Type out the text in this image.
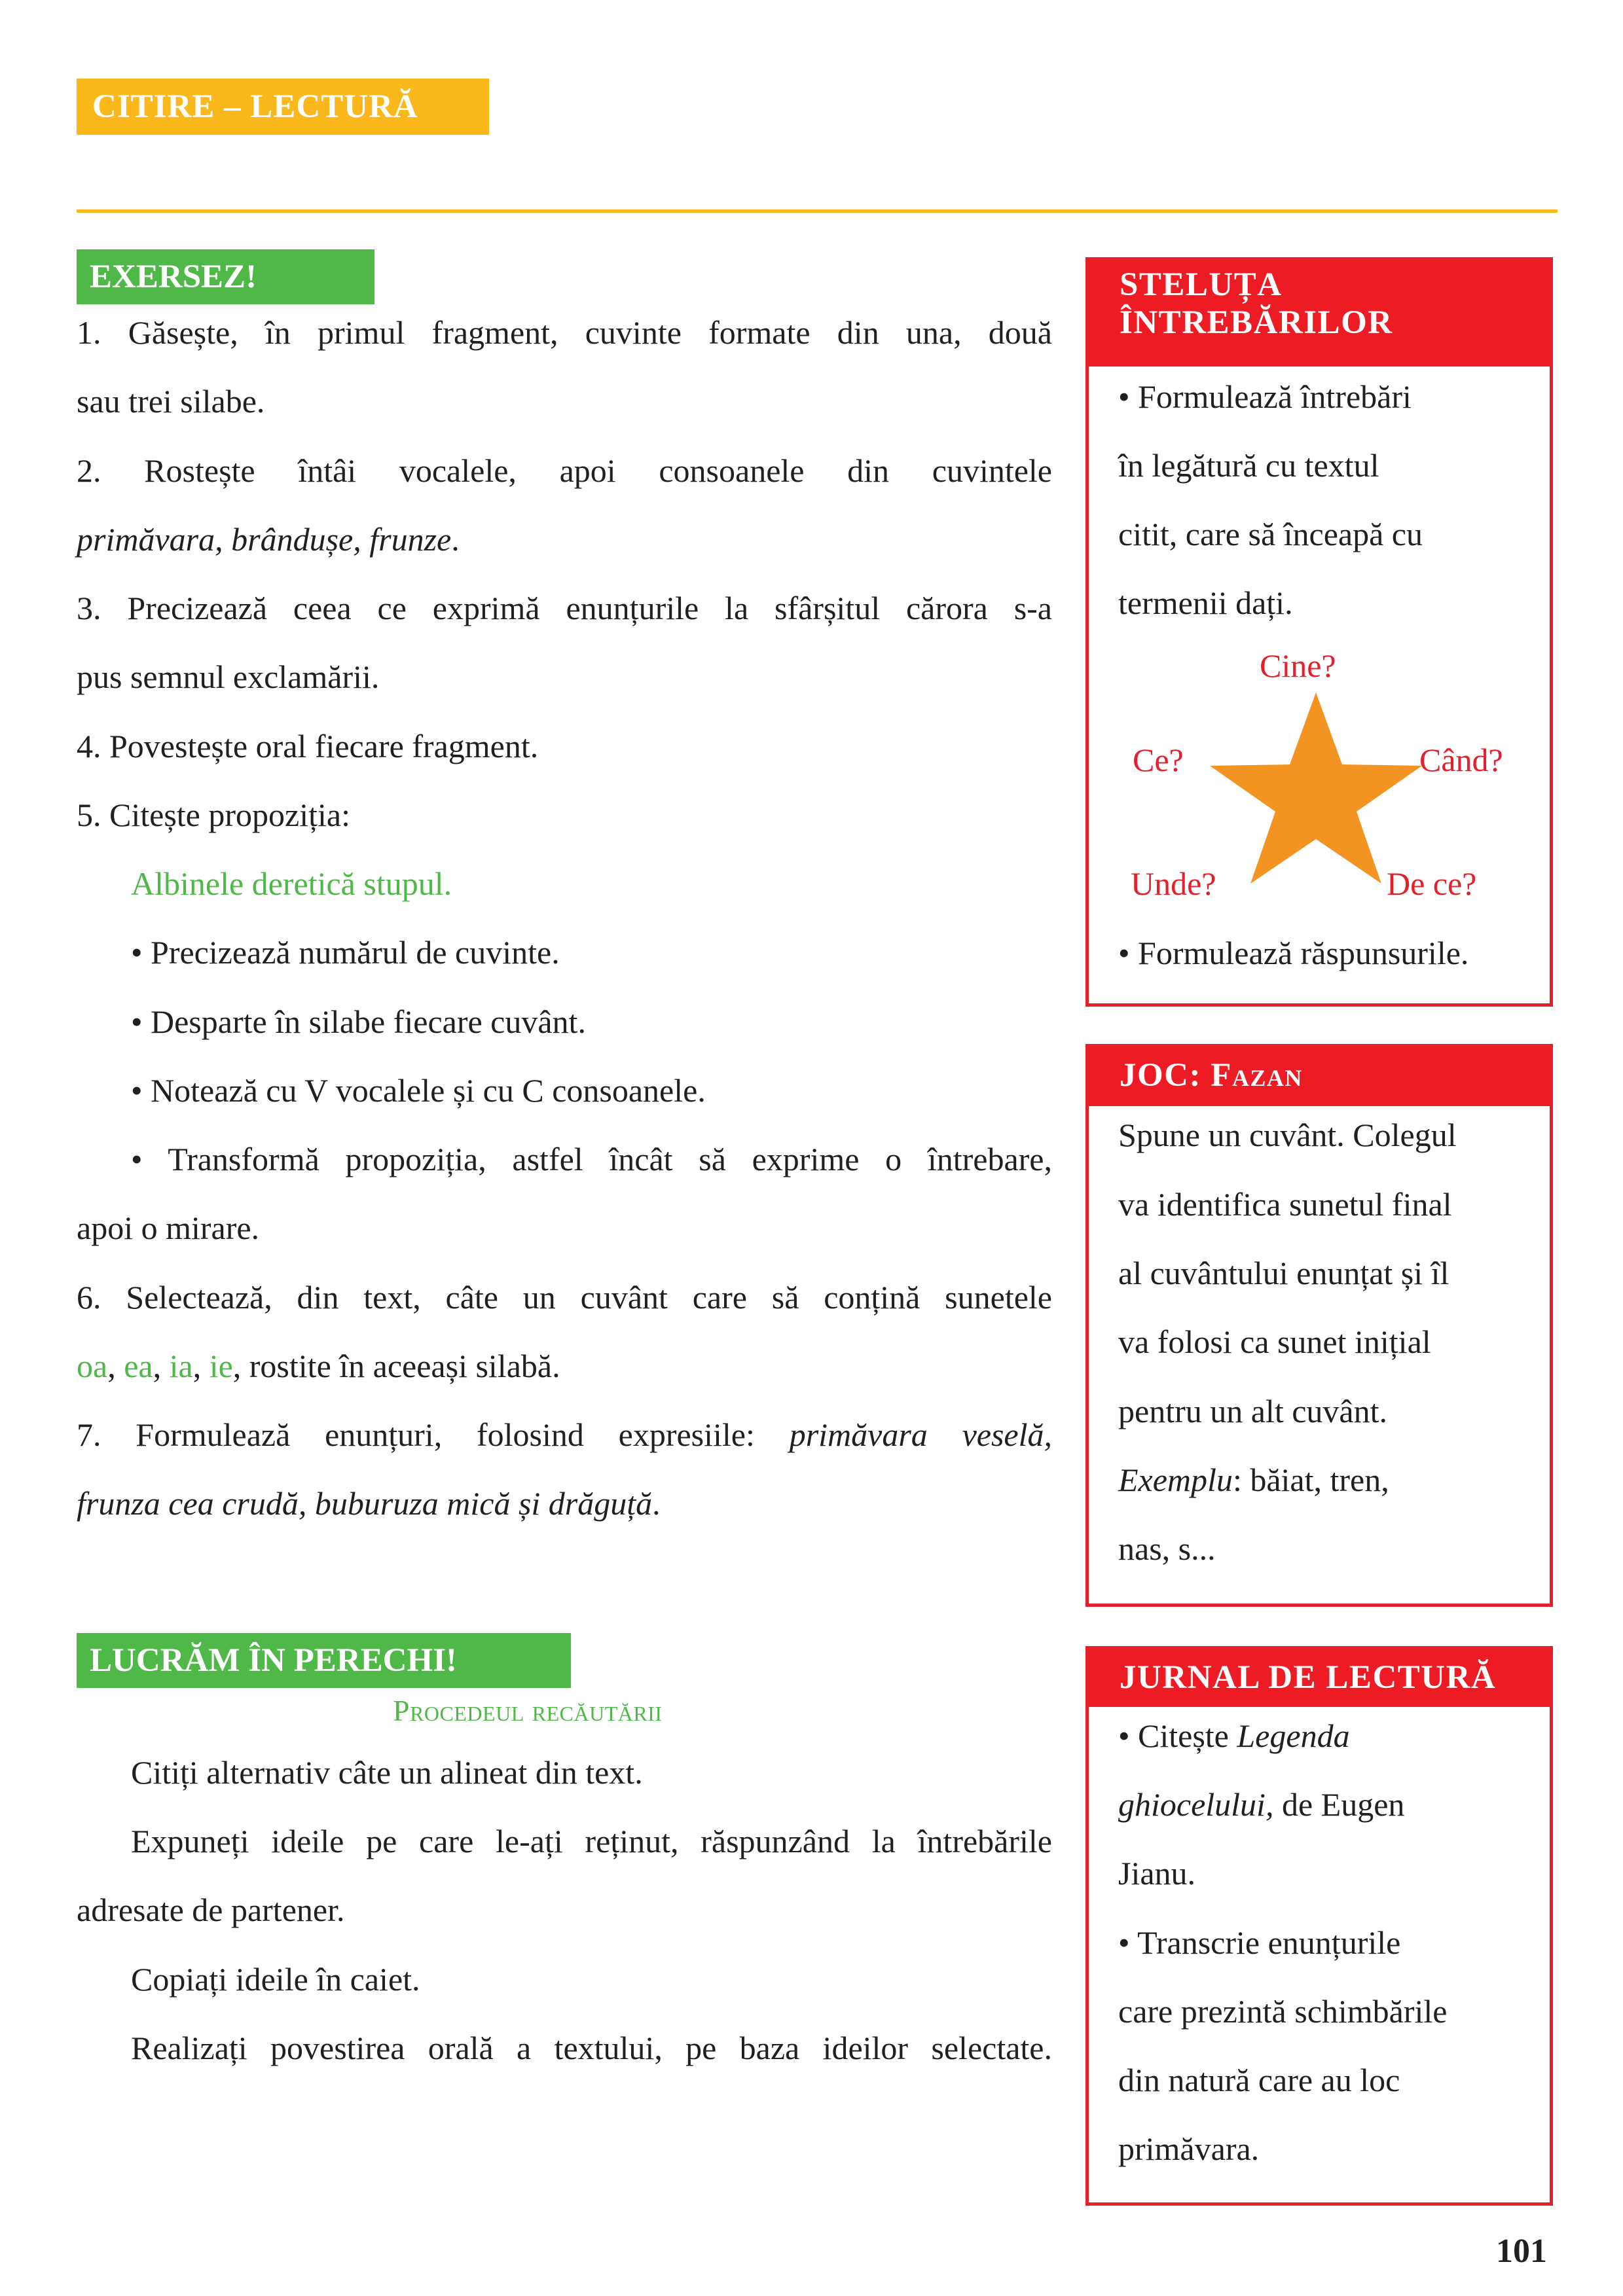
CITIRE – LECTURĂ
EXERSEZ!
1. Găsește, în primul fragment, cuvinte formate din una, două
sau trei silabe.
2. Rostește întâi vocalele, apoi consoanele din cuvintele
primăvara, brândușe, frunze.
3. Precizează ceea ce exprimă enunțurile la sfârșitul cărora s-a
pus semnul exclamării.
4. Povestește oral fiecare fragment.
5. Citește propoziția:
Albinele deretică stupul.
• Precizează numărul de cuvinte.
• Desparte în silabe fiecare cuvânt.
• Notează cu V vocalele și cu C consoanele.
• Transformă propoziția, astfel încât să exprime o întrebare,
apoi o mirare.
6. Selectează, din text, câte un cuvânt care să conțină sunetele
oa, ea, ia, ie, rostite în aceeași silabă.
7. Formulează enunțuri, folosind expresiile: primăvara veselă,
frunza cea crudă, buburuza mică și drăguță.
LUCRĂM ÎN PERECHI!
Procedeul recăutării
Citiți alternativ câte un alineat din text.
Expuneți ideile pe care le-ați reținut, răspunzând la întrebările
adresate de partener.
Copiați ideile în caiet.
Realizați povestirea orală a textului, pe baza ideilor selectate.
STELUȚA
ÎNTREBĂRILOR
• Formulează întrebări
în legătură cu textul
citit, care să înceapă cu
termenii dați.
• Formulează răspunsurile.
Cine?
Ce?	Când?
Unde?	De ce?
JOC: Fazan
Spune un cuvânt. Colegul
va identifica sunetul final
al cuvântului enunțat și îl
va folosi ca sunet inițial
pentru un alt cuvânt.
Exemplu: băiat, tren,
nas, s...
JURNAL DE LECTURĂ
• Citește Legenda
ghiocelului, de Eugen
Jianu.
• Transcrie enunțurile
care prezintă schimbările
din natură care au loc
primăvara.
101
